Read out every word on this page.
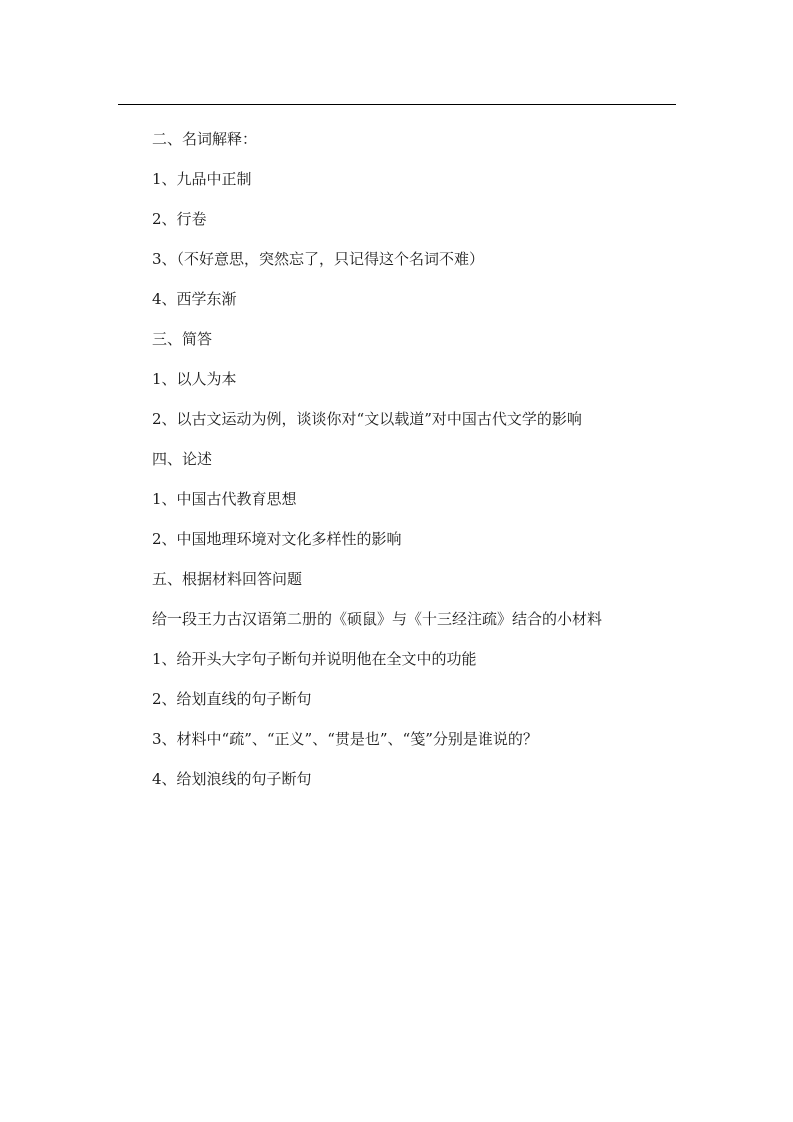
二、名词解释：
1、九品中正制
2、行卷
3、（不好意思，突然忘了，只记得这个名词不难）
4、西学东渐
三、简答
1、以人为本
2、以古文运动为例，谈谈你对“文以载道”对中国古代文学的影响
四、论述
1、中国古代教育思想
2、中国地理环境对文化多样性的影响
五、根据材料回答问题
给一段王力古汉语第二册的《硕鼠》与《十三经注疏》结合的小材料
1、给开头大字句子断句并说明他在全文中的功能
2、给划直线的句子断句
3、材料中“疏”、“正义”、“贯是也”、“笺”分别是谁说的？
4、给划浪线的句子断句
